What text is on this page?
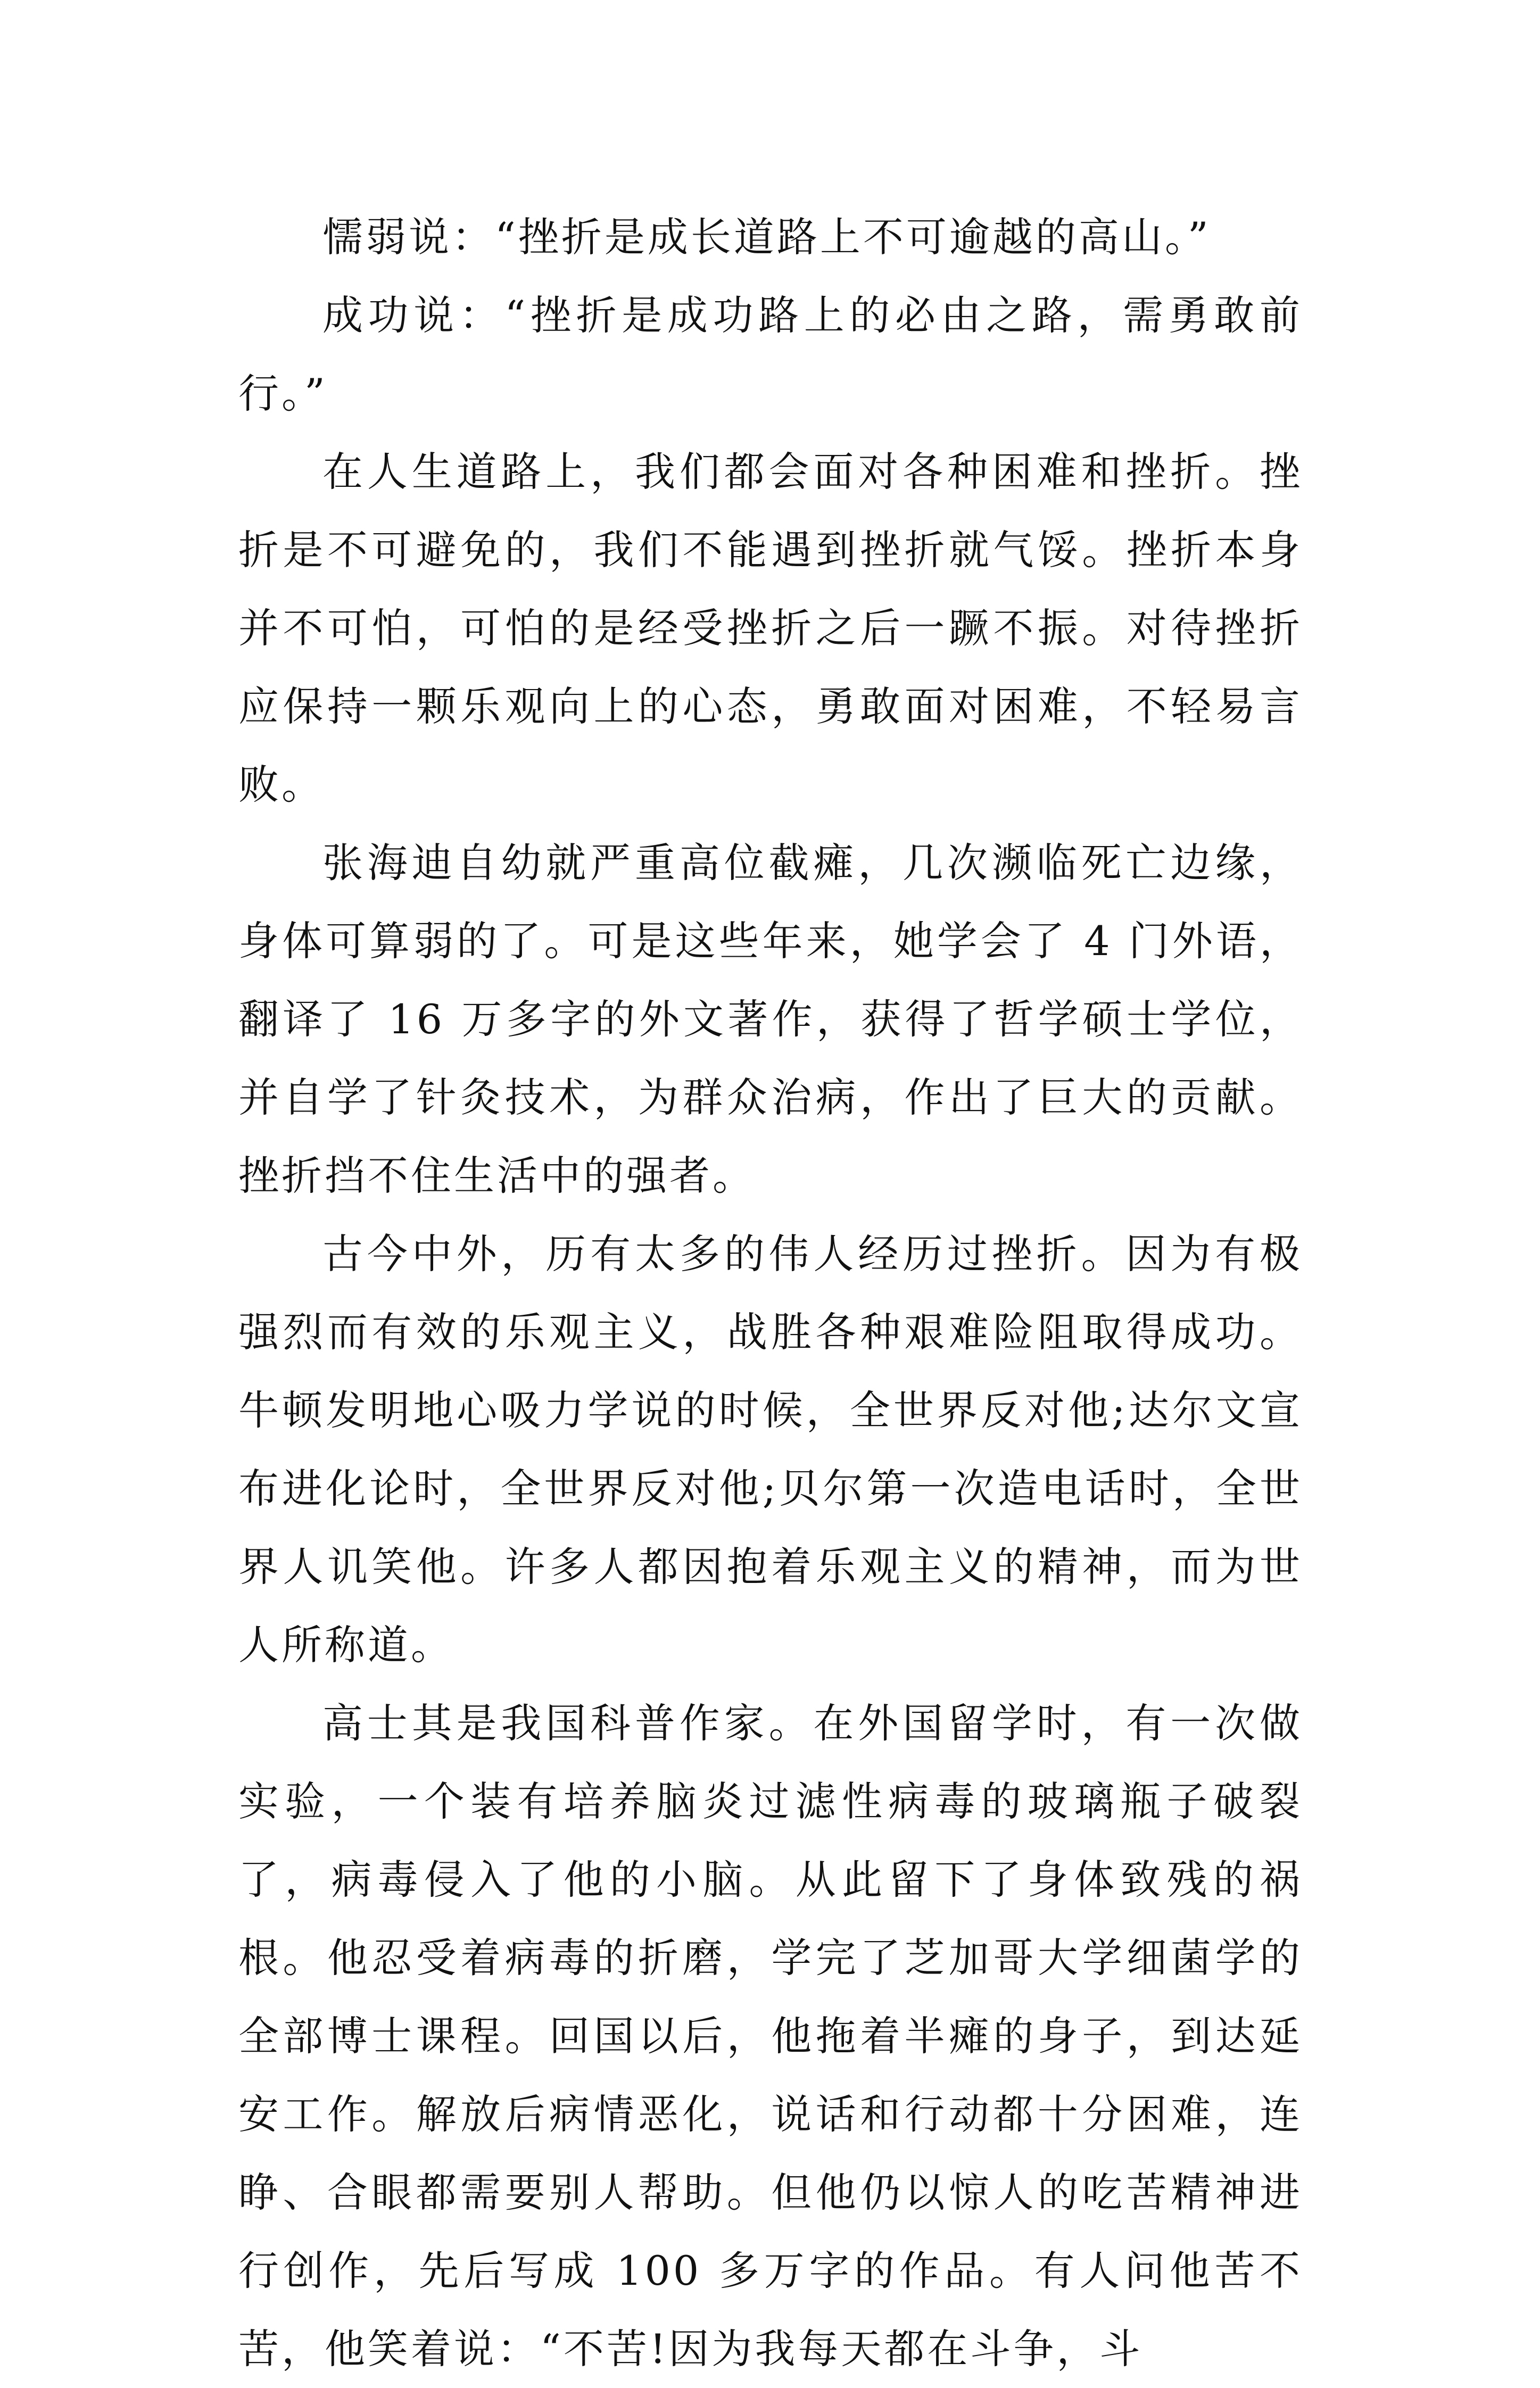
懦弱说：“挫折是成长道路上不可逾越的高山。”

成功说：“挫折是成功路上的必由之路，需勇敢前行。”

在人生道路上，我们都会面对各种困难和挫折。挫折是不可避免的，我们不能遇到挫折就气馁。挫折本身并不可怕，可怕的是经受挫折之后一蹶不振。对待挫折应保持一颗乐观向上的心态，勇敢面对困难，不轻易言败。

张海迪自幼就严重高位截瘫，几次濒临死亡边缘，身体可算弱的了。可是这些年来，她学会了 4 门外语，翻译了 16 万多字的外文著作，获得了哲学硕士学位，并自学了针灸技术，为群众治病，作出了巨大的贡献。挫折挡不住生活中的强者。

古今中外，历有太多的伟人经历过挫折。因为有极强烈而有效的乐观主义，战胜各种艰难险阻取得成功。牛顿发明地心吸力学说的时候，全世界反对他;达尔文宣布进化论时，全世界反对他;贝尔第一次造电话时，全世界人讥笑他。许多人都因抱着乐观主义的精神，而为世人所称道。

高士其是我国科普作家。在外国留学时，有一次做实验，一个装有培养脑炎过滤性病毒的玻璃瓶子破裂了，病毒侵入了他的小脑。从此留下了身体致残的祸根。他忍受着病毒的折磨，学完了芝加哥大学细菌学的全部博士课程。回国以后，他拖着半瘫的身子，到达延安工作。解放后病情恶化，说话和行动都十分困难，连睁、合眼都需要别人帮助。但他仍以惊人的吃苦精神进行创作，先后写成 100 多万字的作品。有人问他苦不苦，他笑着说：“不苦!因为我每天都在斗争，斗
